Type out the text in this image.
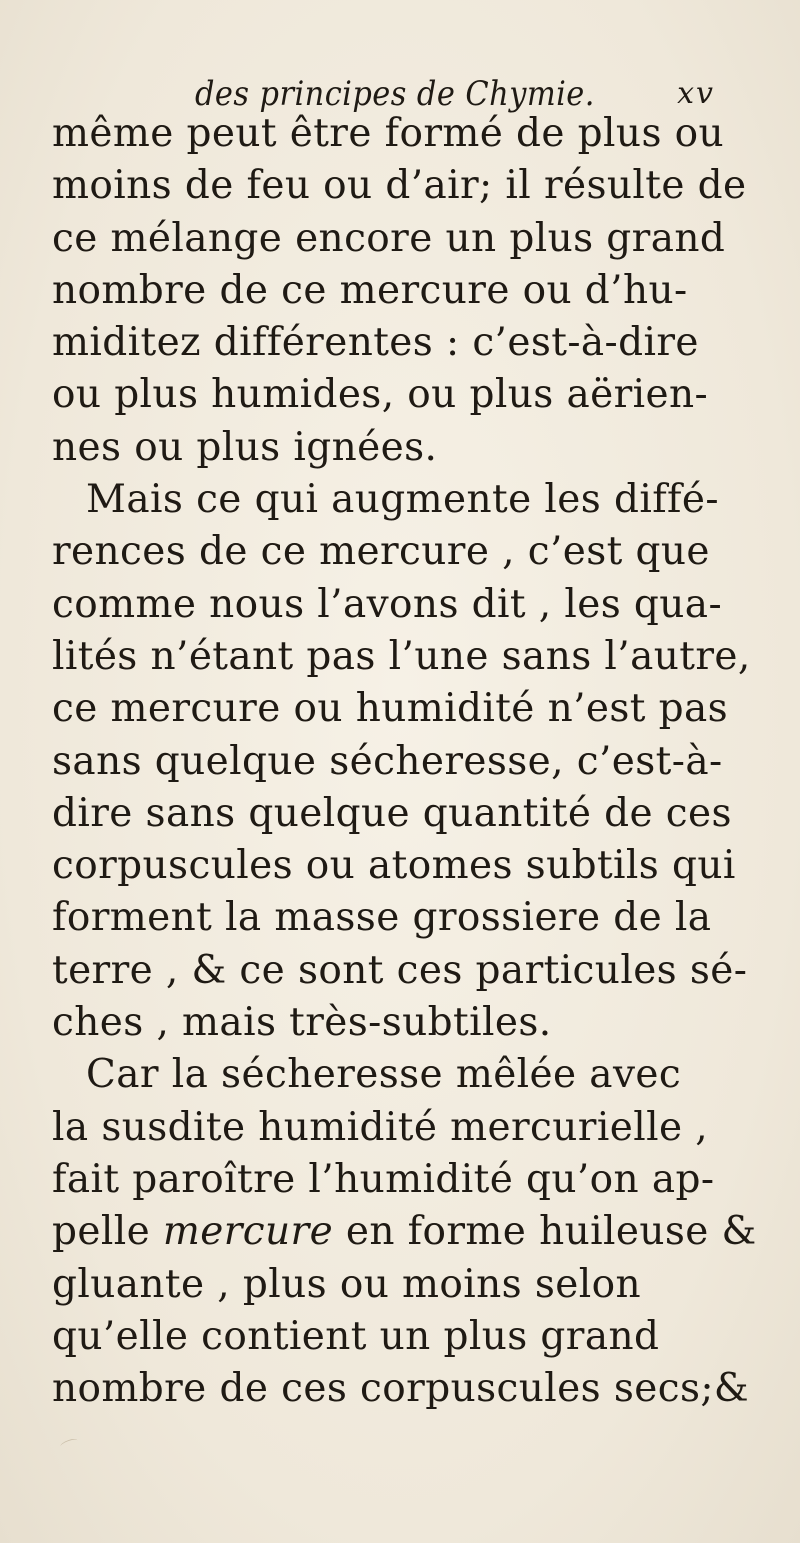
des principes de Chymie.	xv
même peut être formé de plus ou
moins de feu ou d’air; il résulte de
ce mélange encore un plus grand
nombre de ce mercure ou d’hu-
miditez différentes : c’est-à-dire
ou plus humides, ou plus aërien-
nes ou plus ignées.
Mais ce qui augmente les diffé-
rences de ce mercure , c’est que
comme nous l’avons dit , les qua-
lités n’étant pas l’une sans l’autre,
ce mercure ou humidité n’est pas
sans quelque sécheresse, c’est-à-
dire sans quelque quantité de ces
corpuscules ou atomes subtils qui
forment la masse grossiere de la
terre , & ce sont ces particules sé-
ches , mais très-subtiles.
Car la sécheresse mêlée avec
la susdite humidité mercurielle ,
fait paroître l’humidité qu’on ap-
pelle mercure en forme huileuse &
gluante , plus ou moins selon
qu’elle contient un plus grand
nombre de ces corpuscules secs;&
